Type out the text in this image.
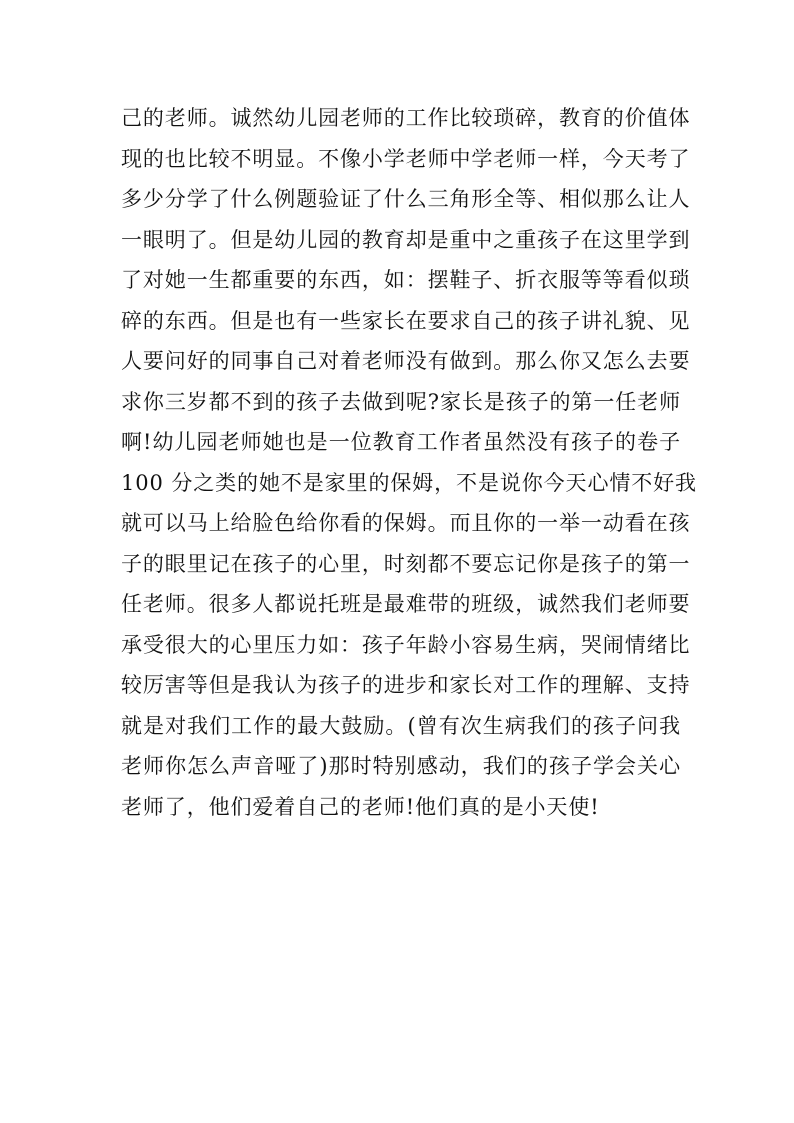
己的老师。诚然幼儿园老师的工作比较琐碎，教育的价值体
现的也比较不明显。不像小学老师中学老师一样，今天考了
多少分学了什么例题验证了什么三角形全等、相似那么让人
一眼明了。但是幼儿园的教育却是重中之重孩子在这里学到
了对她一生都重要的东西，如：摆鞋子、折衣服等等看似琐
碎的东西。但是也有一些家长在要求自己的孩子讲礼貌、见
人要问好的同事自己对着老师没有做到。那么你又怎么去要
求你三岁都不到的孩子去做到呢?家长是孩子的第一任老师
啊!幼儿园老师她也是一位教育工作者虽然没有孩子的卷子
100 分之类的她不是家里的保姆，不是说你今天心情不好我
就可以马上给脸色给你看的保姆。而且你的一举一动看在孩
子的眼里记在孩子的心里，时刻都不要忘记你是孩子的第一
任老师。很多人都说托班是最难带的班级，诚然我们老师要
承受很大的心里压力如：孩子年龄小容易生病，哭闹情绪比
较厉害等但是我认为孩子的进步和家长对工作的理解、支持
就是对我们工作的最大鼓励。(曾有次生病我们的孩子问我
老师你怎么声音哑了)那时特别感动，我们的孩子学会关心
老师了，他们爱着自己的老师!他们真的是小天使!
